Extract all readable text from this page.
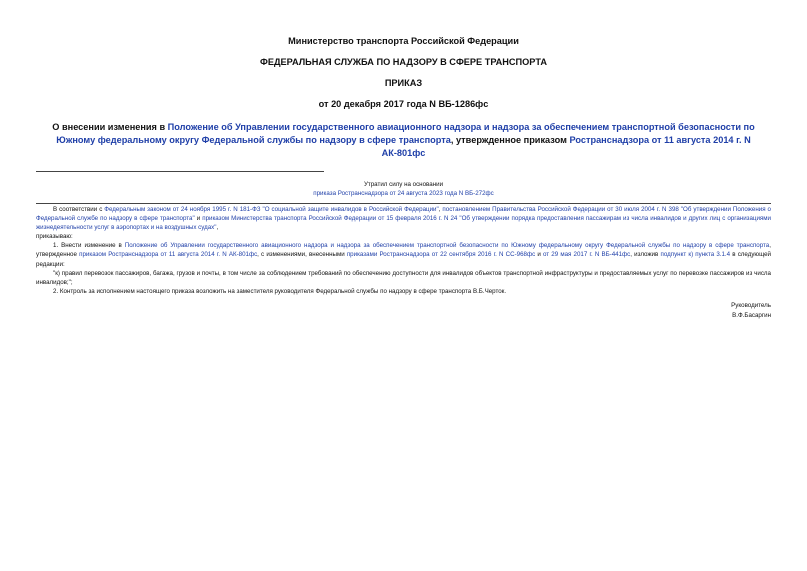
Министерство транспорта Российской Федерации
ФЕДЕРАЛЬНАЯ СЛУЖБА ПО НАДЗОРУ В СФЕРЕ ТРАНСПОРТА
ПРИКАЗ
от 20 декабря 2017 года N ВБ-1286фс
О внесении изменения в Положение об Управлении государственного авиационного надзора и надзора за обеспечением транспортной безопасности по Южному федеральному округу Федеральной службы по надзору в сфере транспорта, утвержденное приказом Ространснадзора от 11 августа 2014 г. N АК-801фс
Утратил силу на основании
приказа Ространснадзора от 24 августа 2023 года N ВБ-272фс

В соответствии с Федеральным законом от 24 ноября 1995 г. N 181-ФЗ "О социальной защите инвалидов в Российской Федерации", постановлением Правительства Российской Федерации от 30 июля 2004 г. N 398 "Об утверждении Положения о Федеральной службе по надзору в сфере транспорта" и приказом Министерства транспорта Российской Федерации от 15 февраля 2016 г. N 24 "Об утверждении порядка предоставления пассажирам из числа инвалидов и других лиц с организациями жизнедеятельности услуг в аэропортах и на воздушных судах",

приказываю:

1. Внести изменение в Положение об Управлении государственного авиационного надзора и надзора за обеспечением транспортной безопасности по Южному федеральному округу Федеральной службы по надзору в сфере транспорта, утвержденное приказом Ространснадзора от 11 августа 2014 г. N АК-801фс, с изменениями, внесенными приказами Ространснадзора от 22 сентября 2016 г. N СС-968фс и от 29 мая 2017 г. N ВБ-441фс, изложив подпункт к) пункта 3.1.4 в следующей редакции:

"к) правил перевозок пассажиров, багажа, грузов и почты, в том числе за соблюдением требований по обеспечению доступности для инвалидов объектов транспортной инфраструктуры и предоставляемых услуг по перевозке пассажиров из числа инвалидов;";

2. Контроль за исполнением настоящего приказа возложить на заместителя руководителя Федеральной службы по надзору в сфере транспорта В.Б.Черток.

Руководитель
В.Ф.Басаргин
